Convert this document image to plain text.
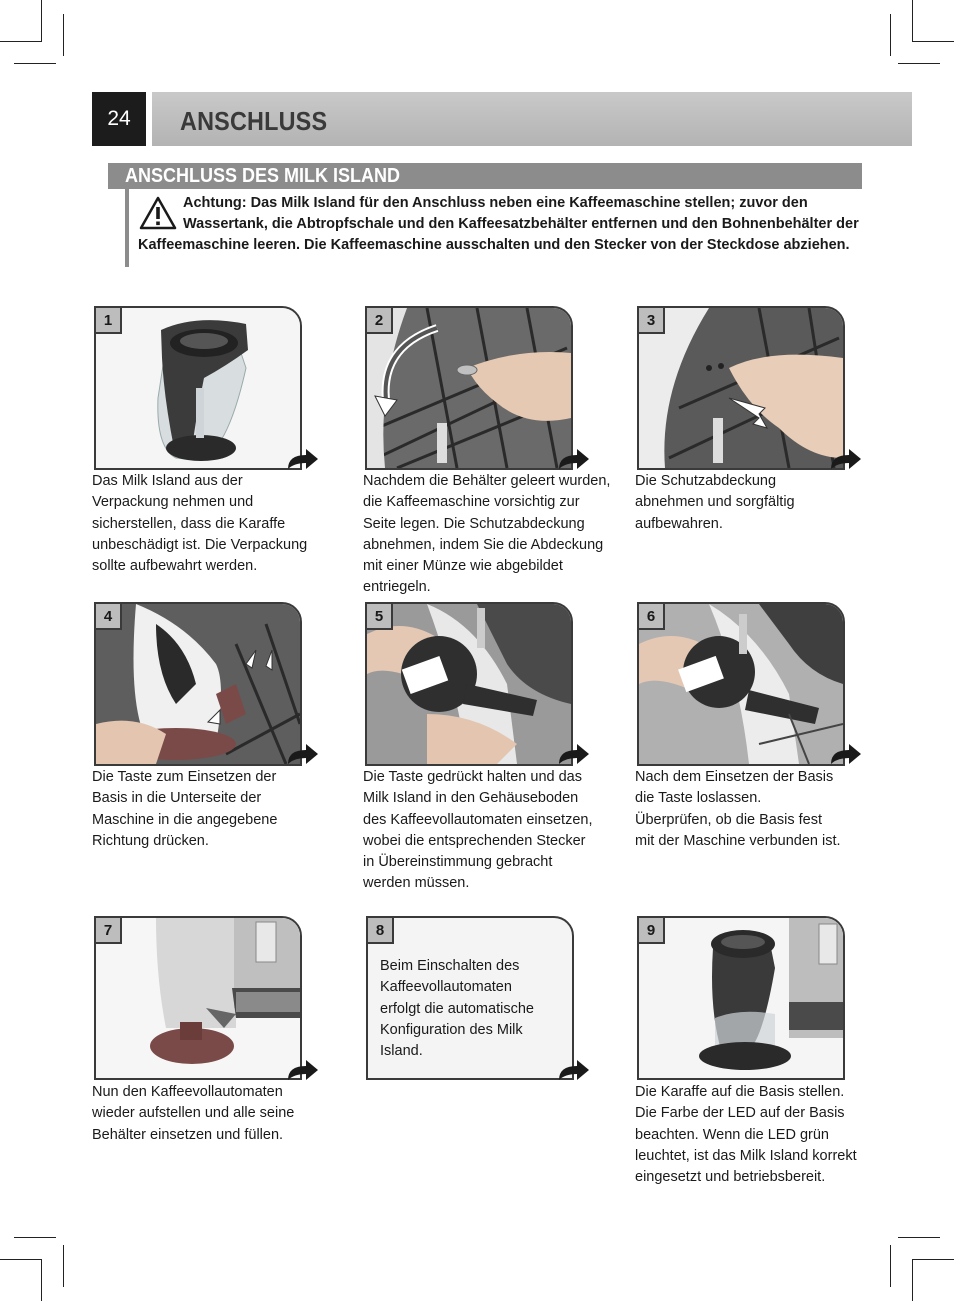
24	ANSCHLUSS
ANSCHLUSS DES MILK ISLAND
Achtung: Das Milk Island für den Anschluss neben eine Kaffeemaschine stellen; zuvor den
Wassertank, die Abtropfschale und den Kaffeesatzbehälter entfernen und den Bohnenbehälter der
Kaffeemaschine leeren. Die Kaffeemaschine ausschalten und den Stecker von der Steckdose abziehen.
1
Das Milk Island aus der
Verpackung nehmen und
sicherstellen, dass die Karaffe
unbeschädigt ist. Die Verpackung
sollte aufbewahrt werden.
2
Nachdem die Behälter geleert wurden,
die Kaffeemaschine vorsichtig zur
Seite legen. Die Schutzabdeckung
abnehmen, indem Sie die Abdeckung
mit einer Münze wie abgebildet
entriegeln.
3
Die Schutzabdeckung
abnehmen und sorgfältig
aufbewahren.
4
Die Taste zum Einsetzen der
Basis in die Unterseite der
Maschine in die angegebene
Richtung drücken.
5
Die Taste gedrückt halten und das
Milk Island in den Gehäuseboden
des Kaffeevollautomaten einsetzen,
wobei die entsprechenden Stecker
in Übereinstimmung gebracht
werden müssen.
6
Nach dem Einsetzen der Basis
die Taste loslassen.
Überprüfen, ob die Basis fest
mit der Maschine verbunden ist.
7
Nun den Kaffeevollautomaten
wieder aufstellen und alle seine
Behälter einsetzen und füllen.
8
Beim Einschalten des
Kaffeevollautomaten
erfolgt die automatische
Konfiguration des Milk
Island.
9
Die Karaffe auf die Basis stellen.
Die Farbe der LED auf der Basis
beachten. Wenn die LED grün
leuchtet, ist das Milk Island korrekt
eingesetzt und betriebsbereit.
